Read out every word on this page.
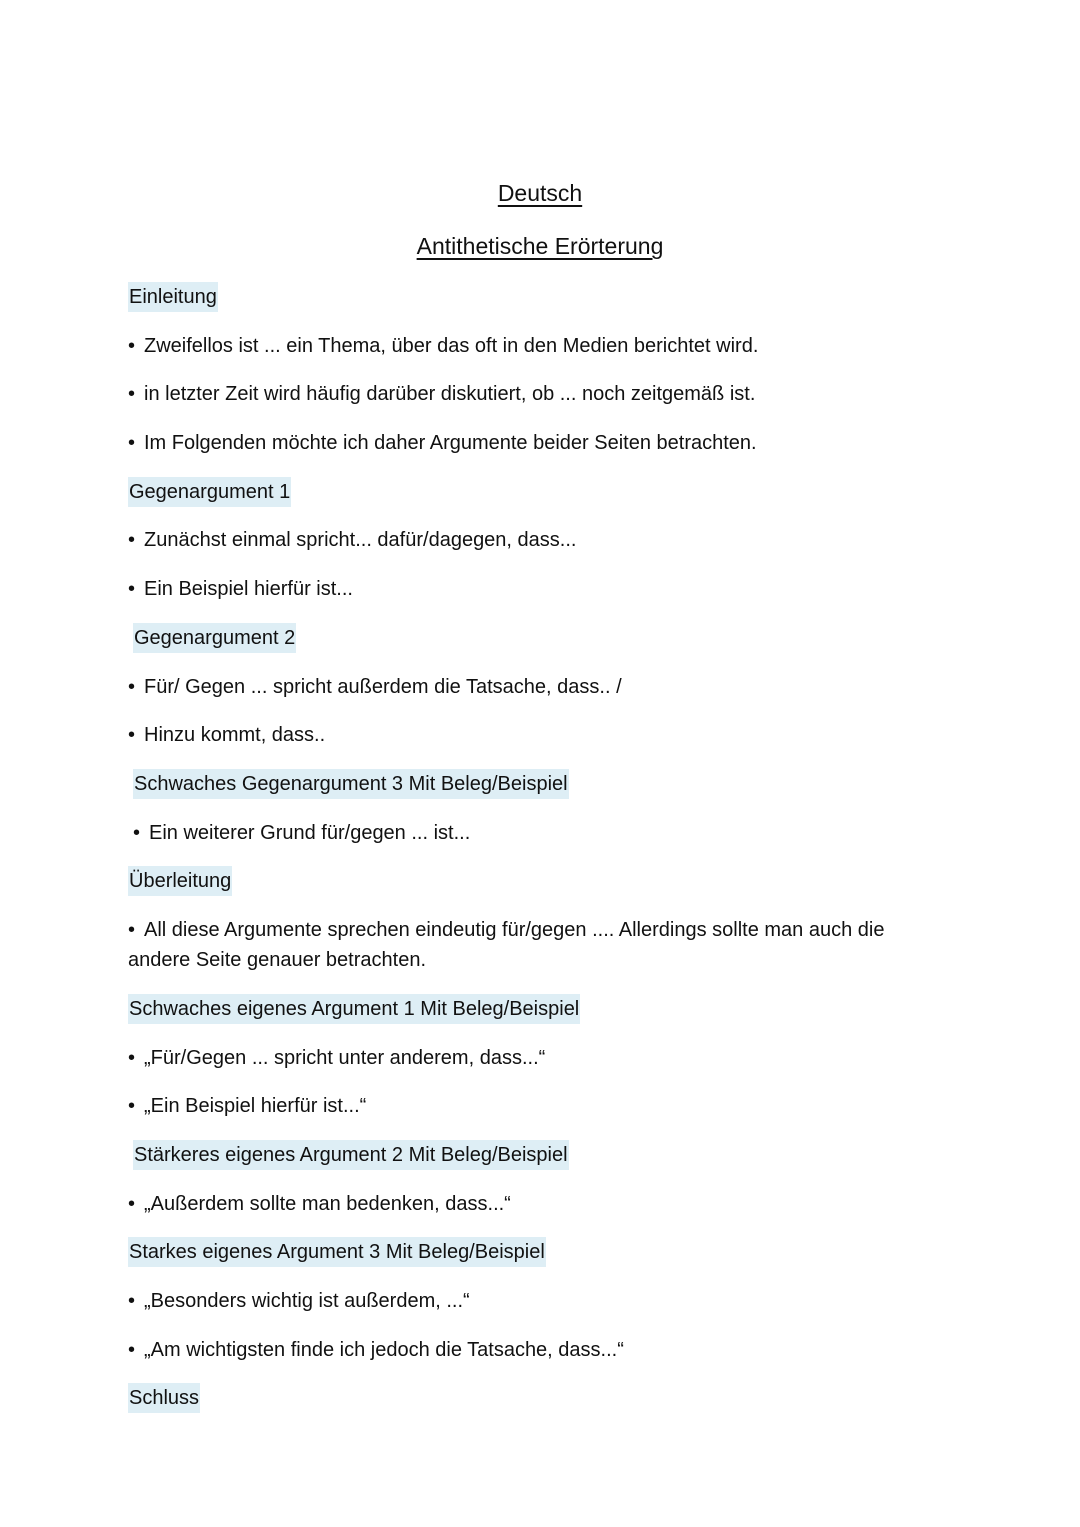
Deutsch
Antithetische Erörterung
Einleitung
• Zweifellos ist ... ein Thema, über das oft in den Medien berichtet wird.
• in letzter Zeit wird häufig darüber diskutiert, ob ... noch zeitgemäß ist.
• Im Folgenden möchte ich daher Argumente beider Seiten betrachten.
Gegenargument 1
• Zunächst einmal spricht... dafür/dagegen, dass...
• Ein Beispiel hierfür ist...
Gegenargument 2
• Für/ Gegen ... spricht außerdem die Tatsache, dass.. /
• Hinzu kommt, dass..
Schwaches Gegenargument 3 Mit Beleg/Beispiel
• Ein weiterer Grund für/gegen ... ist...
Überleitung
• All diese Argumente sprechen eindeutig für/gegen .... Allerdings sollte man auch die andere Seite genauer betrachten.
Schwaches eigenes Argument 1 Mit Beleg/Beispiel
• „Für/Gegen ... spricht unter anderem, dass...“
• „Ein Beispiel hierfür ist...“
Stärkeres eigenes Argument 2 Mit Beleg/Beispiel
• „Außerdem sollte man bedenken, dass...“
Starkes eigenes Argument 3 Mit Beleg/Beispiel
• „Besonders wichtig ist außerdem, ...“
• „Am wichtigsten finde ich jedoch die Tatsache, dass...“
Schluss
